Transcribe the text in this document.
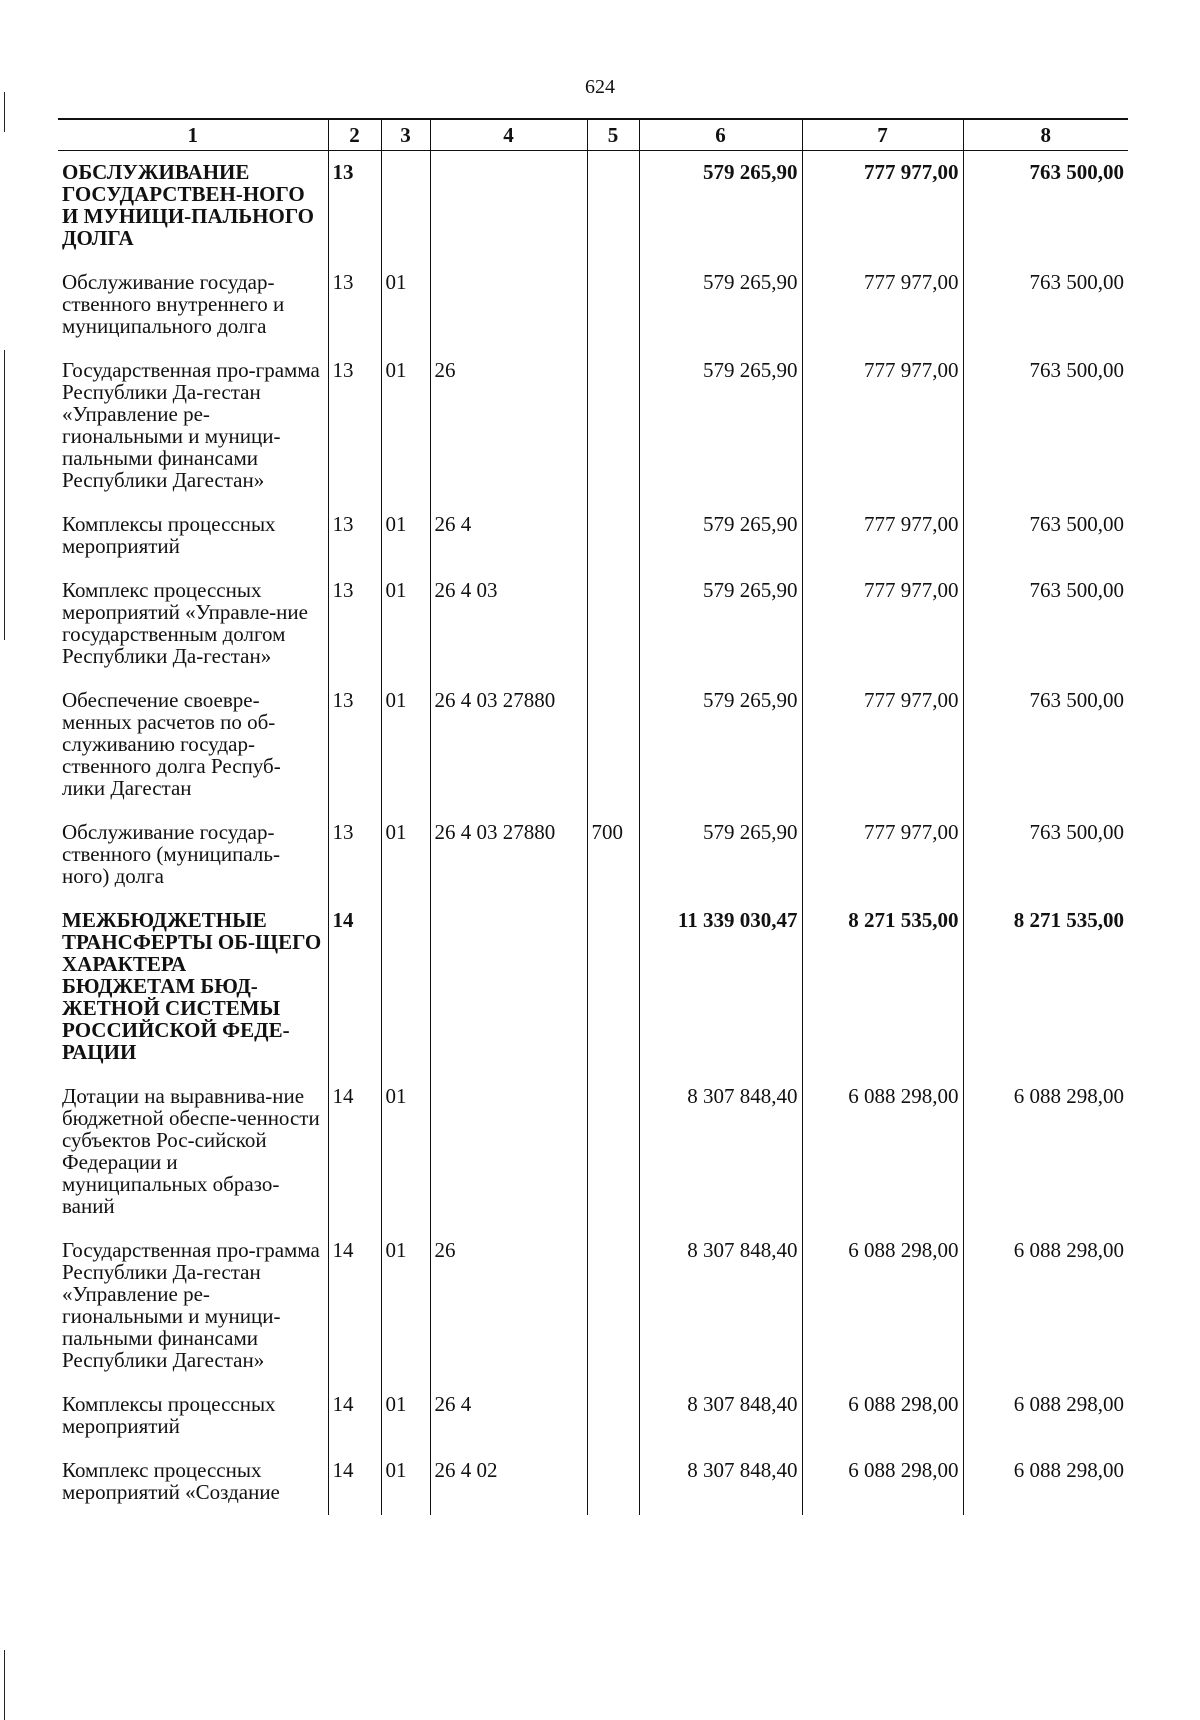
624
1	2	3	4	5	6	7	8
ОБСЛУЖИВАНИЕ ГОСУДАРСТВЕН-НОГО И МУНИЦИ-ПАЛЬНОГО ДОЛГА	13				579 265,90	777 977,00	763 500,00
Обслуживание государ-ственного внутреннего и муниципального долга	13	01			579 265,90	777 977,00	763 500,00
Государственная про-грамма Республики Да-гестан «Управление ре-гиональными и муници-пальными финансами Республики Дагестан»	13	01	26		579 265,90	777 977,00	763 500,00
Комплексы процессных мероприятий	13	01	26 4		579 265,90	777 977,00	763 500,00
Комплекс процессных мероприятий «Управле-ние государственным долгом Республики Да-гестан»	13	01	26 4 03		579 265,90	777 977,00	763 500,00
Обеспечение своевре-менных расчетов по об-служиванию государ-ственного долга Респуб-лики Дагестан	13	01	26 4 03 27880		579 265,90	777 977,00	763 500,00
Обслуживание государ-ственного (муниципаль-ного) долга	13	01	26 4 03 27880	700	579 265,90	777 977,00	763 500,00
МЕЖБЮДЖЕТНЫЕ ТРАНСФЕРТЫ ОБ-ЩЕГО ХАРАКТЕРА БЮДЖЕТАМ БЮД-ЖЕТНОЙ СИСТЕМЫ РОССИЙСКОЙ ФЕДЕ-РАЦИИ	14				11 339 030,47	8 271 535,00	8 271 535,00
Дотации на выравнива-ние бюджетной обеспе-ченности субъектов Рос-сийской Федерации и муниципальных образо-ваний	14	01			8 307 848,40	6 088 298,00	6 088 298,00
Государственная про-грамма Республики Да-гестан «Управление ре-гиональными и муници-пальными финансами Республики Дагестан»	14	01	26		8 307 848,40	6 088 298,00	6 088 298,00
Комплексы процессных мероприятий	14	01	26 4		8 307 848,40	6 088 298,00	6 088 298,00
Комплекс процессных мероприятий «Создание	14	01	26 4 02		8 307 848,40	6 088 298,00	6 088 298,00
